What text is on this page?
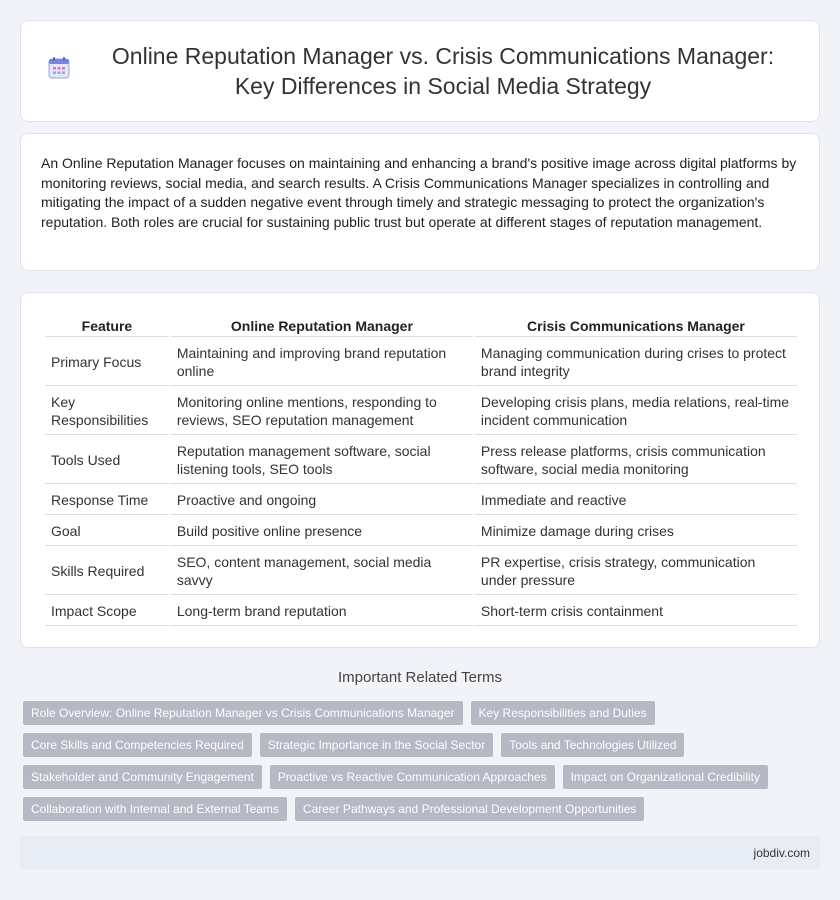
Online Reputation Manager vs. Crisis Communications Manager: Key Differences in Social Media Strategy

An Online Reputation Manager focuses on maintaining and enhancing a brand's positive image across digital platforms by monitoring reviews, social media, and search results. A Crisis Communications Manager specializes in controlling and mitigating the impact of a sudden negative event through timely and strategic messaging to protect the organization's reputation. Both roles are crucial for sustaining public trust but operate at different stages of reputation management.

Feature	Online Reputation Manager	Crisis Communications Manager
Primary Focus	Maintaining and improving brand reputation online	Managing communication during crises to protect brand integrity
Key Responsibilities	Monitoring online mentions, responding to reviews, SEO reputation management	Developing crisis plans, media relations, real-time incident communication
Tools Used	Reputation management software, social listening tools, SEO tools	Press release platforms, crisis communication software, social media monitoring
Response Time	Proactive and ongoing	Immediate and reactive
Goal	Build positive online presence	Minimize damage during crises
Skills Required	SEO, content management, social media savvy	PR expertise, crisis strategy, communication under pressure
Impact Scope	Long-term brand reputation	Short-term crisis containment
Important Related Terms
Role Overview: Online Reputation Manager vs Crisis Communications Manager	Key Responsibilities and Duties
Core Skills and Competencies Required	Strategic Importance in the Social Sector	Tools and Technologies Utilized
Stakeholder and Community Engagement	Proactive vs Reactive Communication Approaches	Impact on Organizational Credibility
Collaboration with Internal and External Teams	Career Pathways and Professional Development Opportunities
jobdiv.com
